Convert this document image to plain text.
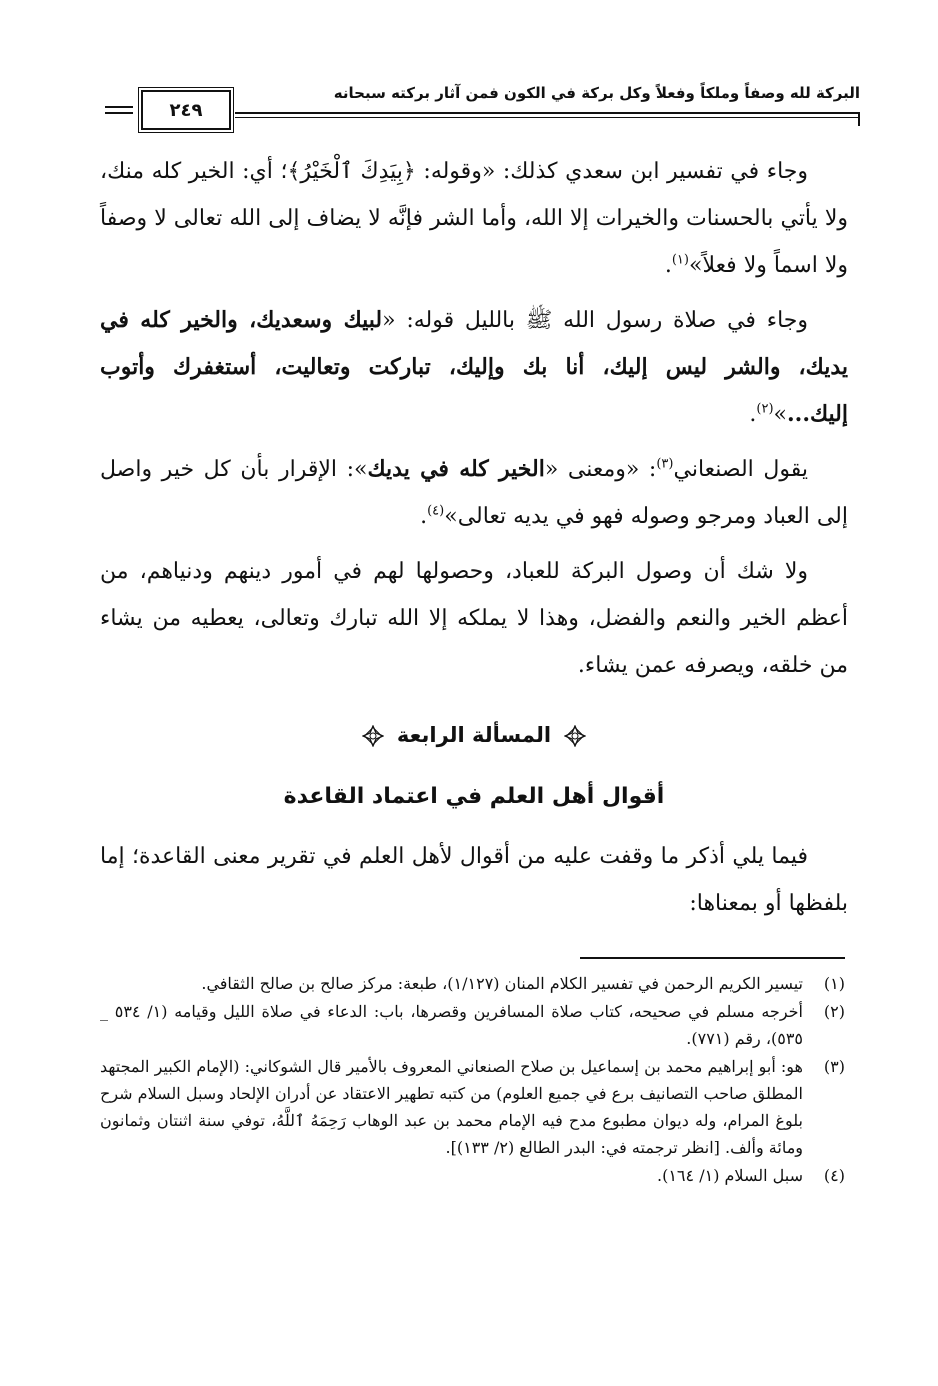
البركة لله وصفاً وملكاً وفعلاً وكل بركة في الكون فمن آثار بركته سبحانه
٢٤٩

وجاء في تفسير ابن سعدي كذلك: «وقوله: ﴿بِيَدِكَ ٱلْخَيْرُ﴾؛ أي: الخير كله منك، ولا يأتي بالحسنات والخيرات إلا الله، وأما الشر فإنَّه لا يضاف إلى الله تعالى لا وصفاً ولا اسماً ولا فعلاً»$^{(١)}$.

وجاء في صلاة رسول الله ﷺ بالليل قوله: «لبيك وسعديك، والخير كله في يديك، والشر ليس إليك، أنا بك وإليك، تباركت وتعاليت، أستغفرك وأتوب إليك...»$^{(٢)}$.

يقول الصنعاني$^{(٣)}$: «ومعنى «الخير كله في يديك»: الإقرار بأن كل خير واصل إلى العباد ومرجو وصوله فهو في يديه تعالى»$^{(٤)}$.

ولا شك أن وصول البركة للعباد، وحصولها لهم في أمور دينهم ودنياهم، من أعظم الخير والنعم والفضل، وهذا لا يملكه إلا الله تبارك وتعالى، يعطيه من يشاء من خلقه، ويصرفه عمن يشاء.

المسألة الرابعة
أقوال أهل العلم في اعتماد القاعدة

فيما يلي أذكر ما وقفت عليه من أقوال لأهل العلم في تقرير معنى القاعدة؛ إما بلفظها أو بمعناها:

(١)
تيسير الكريم الرحمن في تفسير الكلام المنان (١/١٢٧)، طبعة: مركز صالح بن صالح الثقافي.
(٢)
أخرجه مسلم في صحيحه، كتاب صلاة المسافرين وقصرها، باب: الدعاء في صلاة الليل وقيامه (١/ ٥٣٤ _ ٥٣٥)، رقم (٧٧١).
(٣)
هو: أبو إبراهيم محمد بن إسماعيل بن صلاح الصنعاني المعروف بالأمير قال الشوكاني: (الإمام الكبير المجتهد المطلق صاحب التصانيف برع في جميع العلوم) من كتبه تطهير الاعتقاد عن أدران الإلحاد وسبل السلام شرح بلوغ المرام، وله ديوان مطبوع مدح فيه الإمام محمد بن عبد الوهاب رَحِمَهُ ٱللَّهُ، توفي سنة اثنتان وثمانون ومائة وألف. [انظر ترجمته في: البدر الطالع (٢/ ١٣٣)].
(٤)
سبل السلام (١/ ١٦٤).
